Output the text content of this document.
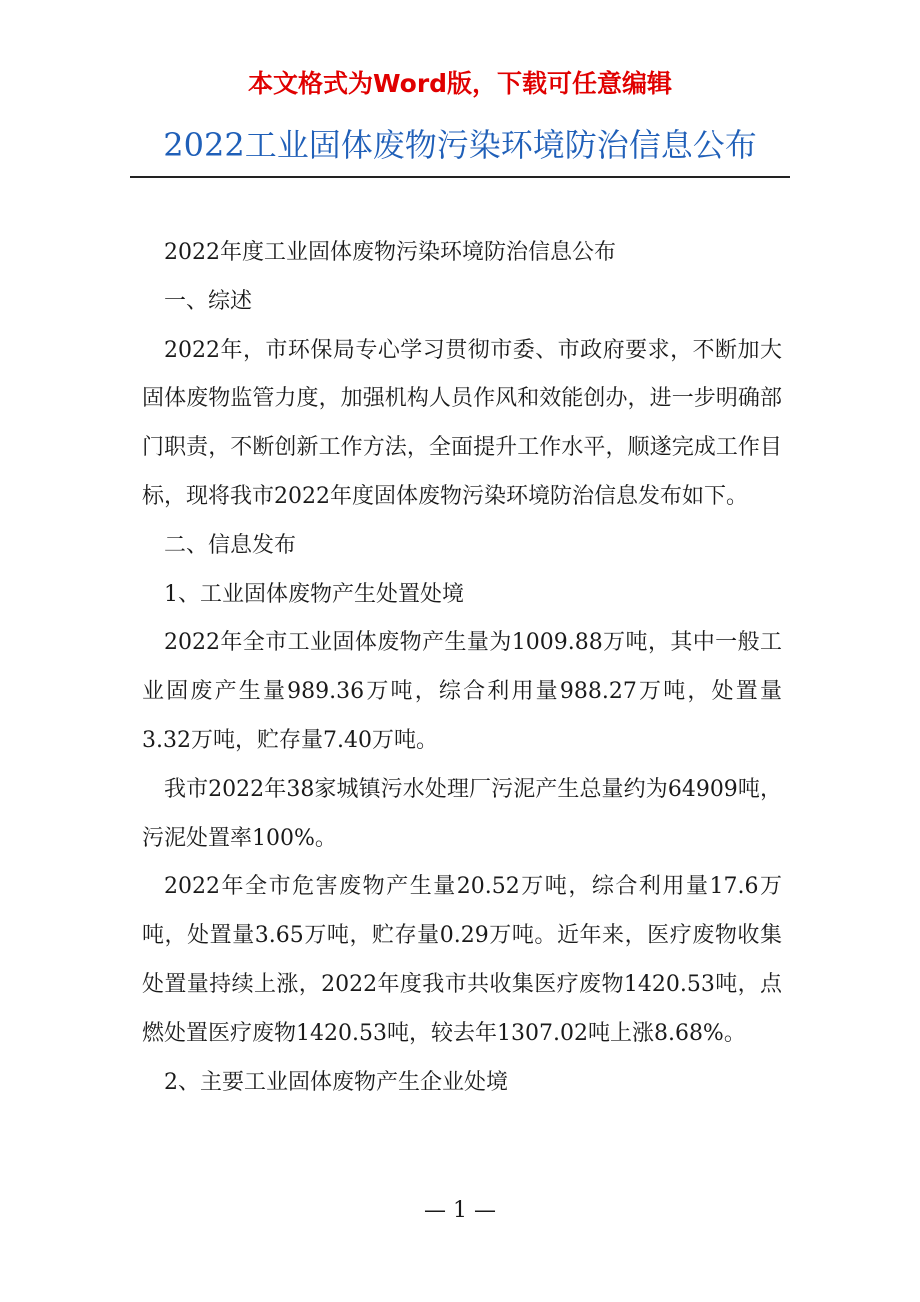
本文格式为Word版，下载可任意编辑
2022工业固体废物污染环境防治信息公布

2022年度工业固体废物污染环境防治信息公布

一、综述

2022年，市环保局专心学习贯彻市委、市政府要求，不断加大固体废物监管力度，加强机构人员作风和效能创办，进一步明确部门职责，不断创新工作方法，全面提升工作水平，顺遂完成工作目标，现将我市2022年度固体废物污染环境防治信息发布如下。

二、信息发布

1、工业固体废物产生处置处境

2022年全市工业固体废物产生量为1009.88万吨，其中一般工业固废产生量989.36万吨，综合利用量988.27万吨，处置量3.32万吨，贮存量7.40万吨。

我市2022年38家城镇污水处理厂污泥产生总量约为64909吨，污泥处置率100%。

2022年全市危害废物产生量20.52万吨，综合利用量17.6万吨，处置量3.65万吨，贮存量0.29万吨。近年来，医疗废物收集处置量持续上涨，2022年度我市共收集医疗废物1420.53吨，点燃处置医疗废物1420.53吨，较去年1307.02吨上涨8.68%。

2、主要工业固体废物产生企业处境

— 1 —
